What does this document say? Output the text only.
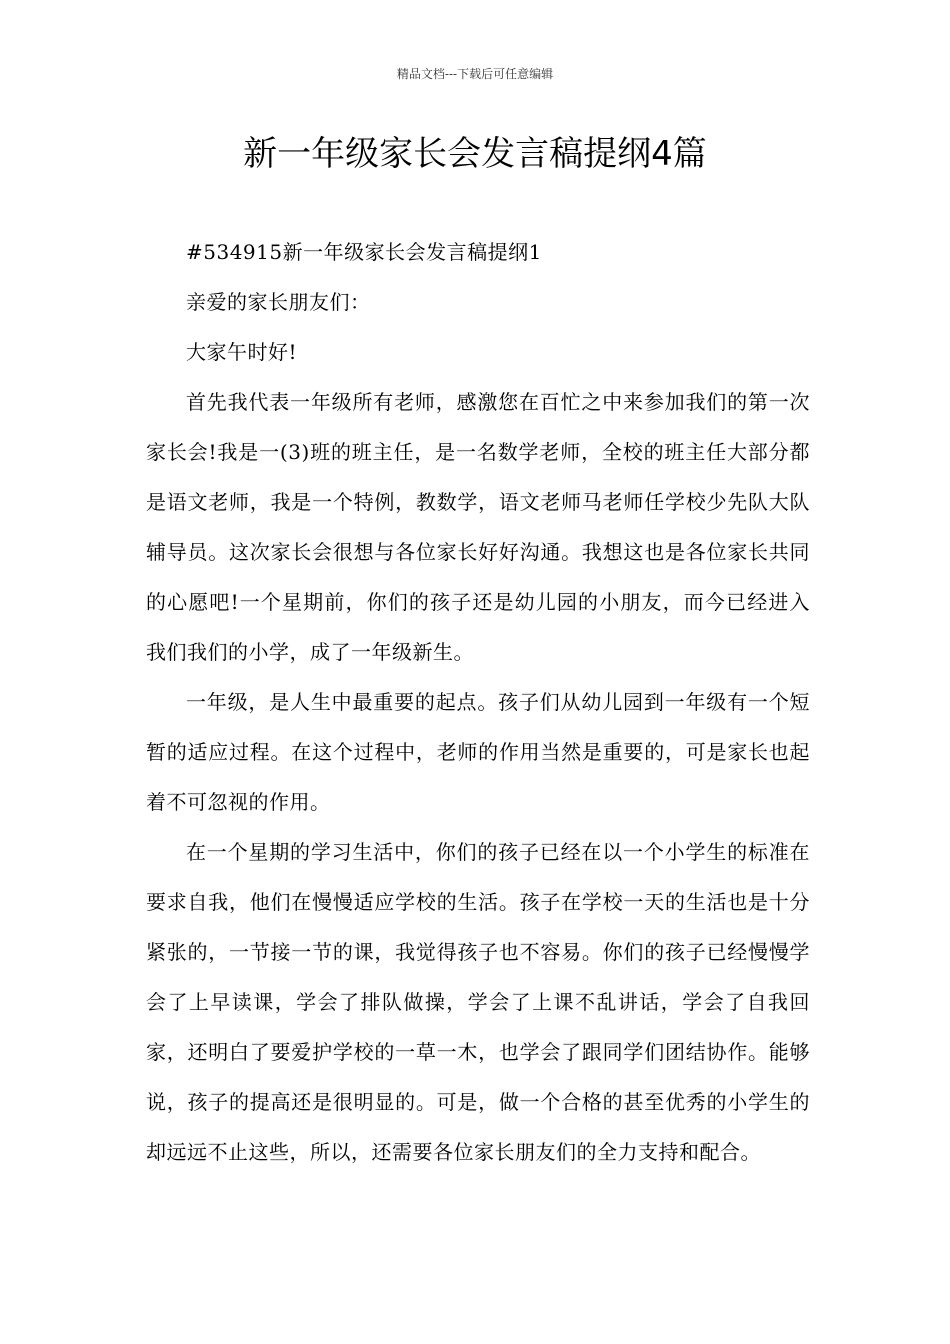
精品文档---下载后可任意编辑
新一年级家长会发言稿提纲4篇

#534915新一年级家长会发言稿提纲1

亲爱的家长朋友们：

大家午时好!

首先我代表一年级所有老师，感激您在百忙之中来参加我们的第一次家长会!我是一(3)班的班主任，是一名数学老师，全校的班主任大部分都是语文老师，我是一个特例，教数学，语文老师马老师任学校少先队大队辅导员。这次家长会很想与各位家长好好沟通。我想这也是各位家长共同的心愿吧!一个星期前，你们的孩子还是幼儿园的小朋友，而今已经进入我们我们的小学，成了一年级新生。

一年级，是人生中最重要的起点。孩子们从幼儿园到一年级有一个短暂的适应过程。在这个过程中，老师的作用当然是重要的，可是家长也起着不可忽视的作用。

在一个星期的学习生活中，你们的孩子已经在以一个小学生的标准在要求自我，他们在慢慢适应学校的生活。孩子在学校一天的生活也是十分紧张的，一节接一节的课，我觉得孩子也不容易。你们的孩子已经慢慢学会了上早读课，学会了排队做操，学会了上课不乱讲话，学会了自我回家，还明白了要爱护学校的一草一木，也学会了跟同学们团结协作。能够说，孩子的提高还是很明显的。可是，做一个合格的甚至优秀的小学生的却远远不止这些，所以，还需要各位家长朋友们的全力支持和配合。
